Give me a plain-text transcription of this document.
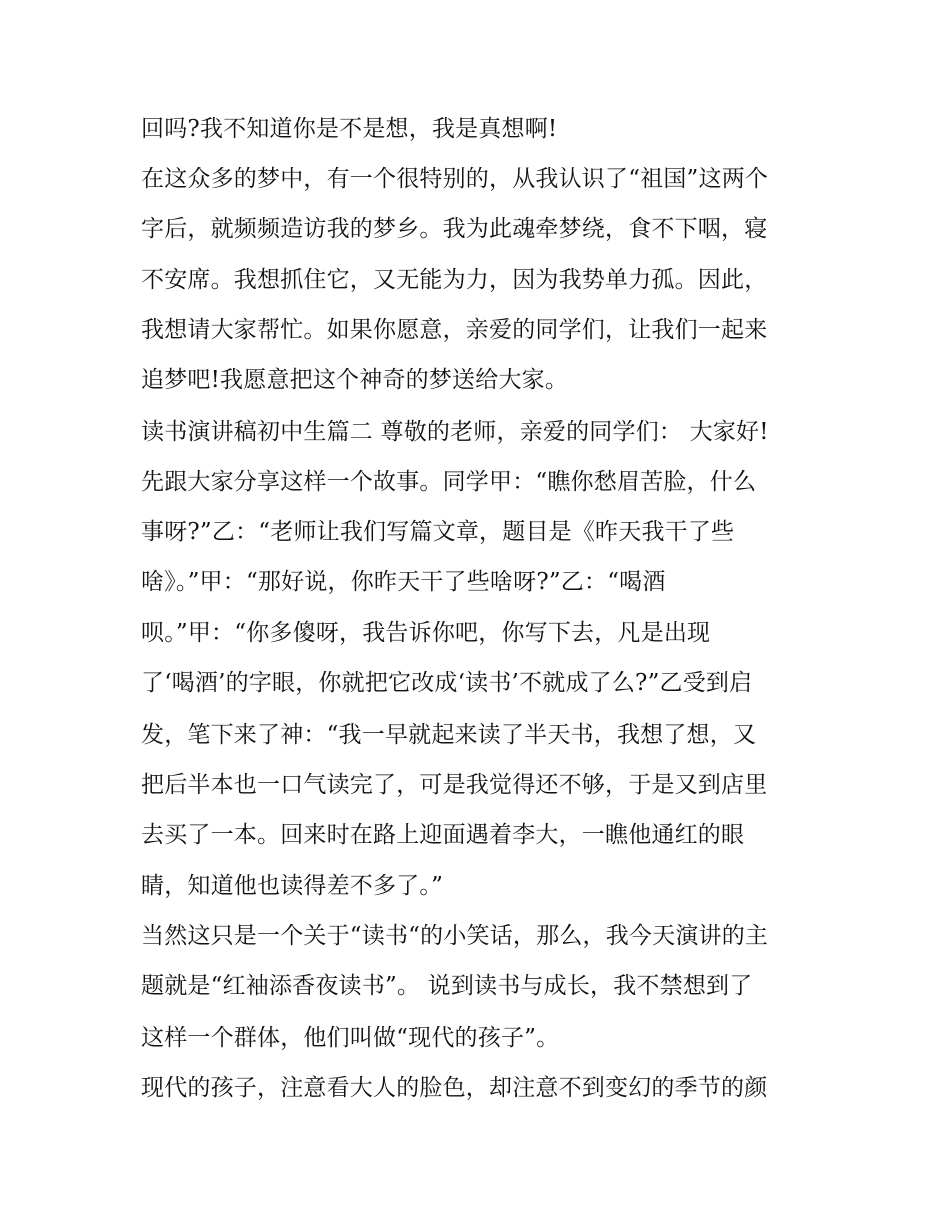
回吗?我不知道你是不是想，我是真想啊!
在这众多的梦中，有一个很特别的，从我认识了“祖国”这两个
字后，就频频造访我的梦乡。我为此魂牵梦绕，食不下咽，寝
不安席。我想抓住它，又无能为力，因为我势单力孤。因此，
我想请大家帮忙。如果你愿意，亲爱的同学们，让我们一起来
追梦吧!我愿意把这个神奇的梦送给大家。
读书演讲稿初中生篇二 尊敬的老师，亲爱的同学们： 大家好!
先跟大家分享这样一个故事。同学甲：“瞧你愁眉苦脸，什么
事呀?”乙：“老师让我们写篇文章，题目是《昨天我干了些
啥》。”甲：“那好说，你昨天干了些啥呀?”乙：“喝酒
呗。”甲：“你多傻呀，我告诉你吧，你写下去，凡是出现
了‘喝酒’的字眼，你就把它改成‘读书’不就成了么?”乙受到启
发，笔下来了神：“我一早就起来读了半天书，我想了想，又
把后半本也一口气读完了，可是我觉得还不够，于是又到店里
去买了一本。回来时在路上迎面遇着李大，一瞧他通红的眼
睛，知道他也读得差不多了。”
当然这只是一个关于“读书“的小笑话，那么，我今天演讲的主
题就是“红袖添香夜读书”。 说到读书与成长，我不禁想到了
这样一个群体，他们叫做“现代的孩子”。
现代的孩子，注意看大人的脸色，却注意不到变幻的季节的颜
